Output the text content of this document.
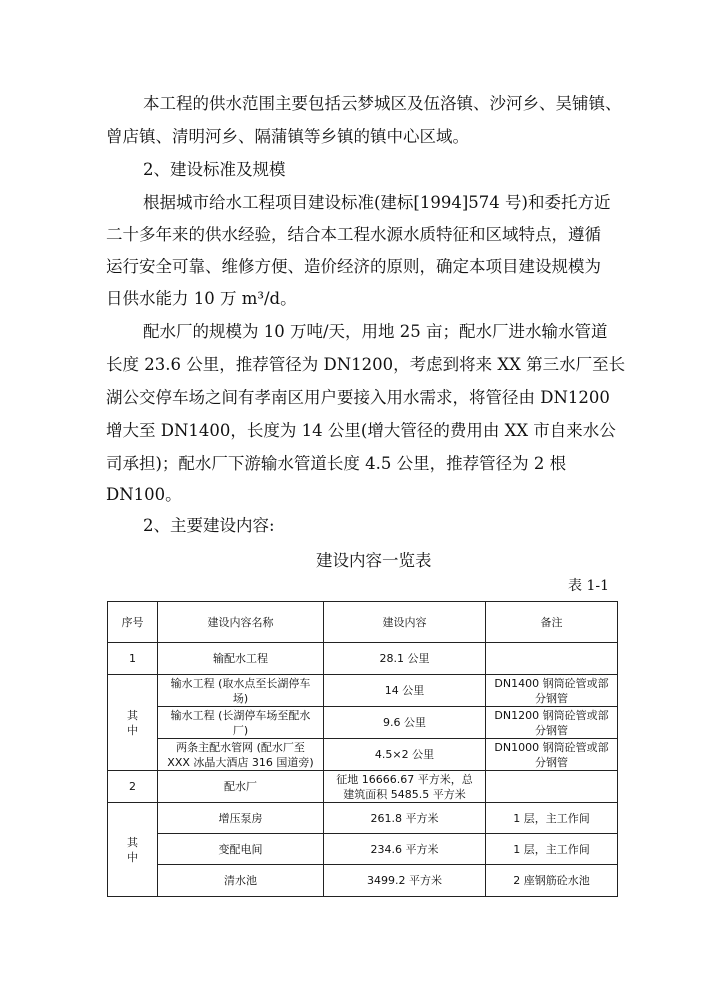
本工程的供水范围主要包括云梦城区及伍洛镇、沙河乡、吴铺镇、
曾店镇、清明河乡、隔蒲镇等乡镇的镇中心区域。
2、建设标准及规模
根据城市给水工程项目建设标准(建标[1994]574 号)和委托方近
二十多年来的供水经验，结合本工程水源水质特征和区域特点，遵循
运行安全可靠、维修方便、造价经济的原则，确定本项目建设规模为
日供水能力 10 万 m³/d。
配水厂的规模为 10 万吨/天，用地 25 亩；配水厂进水输水管道
长度 23.6 公里，推荐管径为 DN1200，考虑到将来 XX 第三水厂至长
湖公交停车场之间有孝南区用户要接入用水需求，将管径由 DN1200
增大至 DN1400，长度为 14 公里(增大管径的费用由 XX 市自来水公
司承担)；配水厂下游输水管道长度 4.5 公里，推荐管径为 2 根
DN100。
2、主要建设内容:
建设内容一览表
表 1-1
序号	建设内容名称	建设内容	备注
1	输配水工程	28.1 公里	
其
中	输水工程 (取水点至长湖停车
场)	14 公里	DN1400 钢筒砼管或部
分钢管
	输水工程 (长湖停车场至配水
厂)	9.6 公里	DN1200 钢筒砼管或部
分钢管
	两条主配水管网 (配水厂至
XXX 冰晶大酒店 316 国道旁)	4.5×2 公里	DN1000 钢筒砼管或部
分钢管
2	配水厂	征地 16666.67 平方米，总
建筑面积 5485.5 平方米	
其
中	增压泵房	261.8 平方米	1 层，主工作间
	变配电间	234.6 平方米	1 层，主工作间
	清水池	3499.2 平方米	2 座钢筋砼水池
